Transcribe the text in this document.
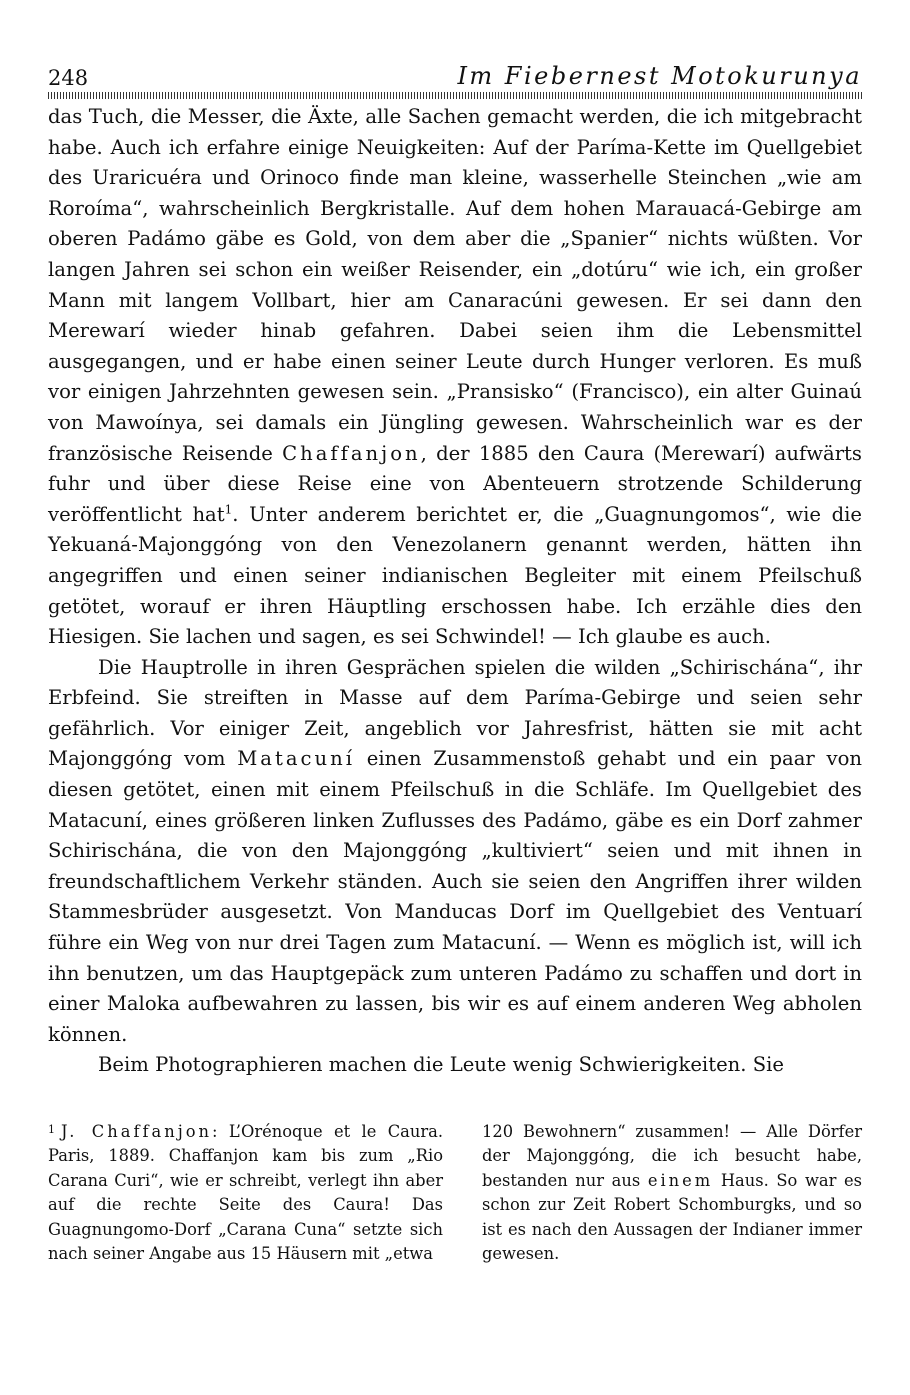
248	Im Fiebernest Motokurunya

das Tuch, die Messer, die Äxte, alle Sachen gemacht werden, die ich mitgebracht habe. Auch ich erfahre einige Neuigkeiten: Auf der Paríma-Kette im Quellgebiet des Uraricuéra und Orinoco finde man kleine, wasserhelle Steinchen „wie am Roroíma“, wahrscheinlich Bergkristalle. Auf dem hohen Marauacá-Gebirge am oberen Padámo gäbe es Gold, von dem aber die „Spanier“ nichts wüßten. Vor langen Jahren sei schon ein weißer Reisender, ein „dotúru“ wie ich, ein großer Mann mit langem Vollbart, hier am Canaracúni gewesen. Er sei dann den Merewarí wieder hinab gefahren. Dabei seien ihm die Lebensmittel ausgegangen, und er habe einen seiner Leute durch Hunger verloren. Es muß vor einigen Jahrzehnten gewesen sein. „Pransisko“ (Francisco), ein alter Guinaú von Mawoínya, sei damals ein Jüngling gewesen. Wahrscheinlich war es der französische Reisende Chaffanjon, der 1885 den Caura (Merewarí) aufwärts fuhr und über diese Reise eine von Abenteuern strotzende Schilderung veröffentlicht hat$^1$. Unter anderem berichtet er, die „Guagnungomos“, wie die Yekuaná-Majonggóng von den Venezolanern genannt werden, hätten ihn angegriffen und einen seiner indianischen Begleiter mit einem Pfeilschuß getötet, worauf er ihren Häuptling erschossen habe. Ich erzähle dies den Hiesigen. Sie lachen und sagen, es sei Schwindel! — Ich glaube es auch.

Die Hauptrolle in ihren Gesprächen spielen die wilden „Schirischána“, ihr Erbfeind. Sie streiften in Masse auf dem Paríma-Gebirge und seien sehr gefährlich. Vor einiger Zeit, angeblich vor Jahresfrist, hätten sie mit acht Majonggóng vom Matacuní einen Zusammenstoß gehabt und ein paar von diesen getötet, einen mit einem Pfeilschuß in die Schläfe. Im Quellgebiet des Matacuní, eines größeren linken Zuflusses des Padámo, gäbe es ein Dorf zahmer Schirischána, die von den Majonggóng „kultiviert“ seien und mit ihnen in freundschaftlichem Verkehr ständen. Auch sie seien den Angriffen ihrer wilden Stammesbrüder ausgesetzt. Von Manducas Dorf im Quellgebiet des Ventuarí führe ein Weg von nur drei Tagen zum Matacuní. — Wenn es möglich ist, will ich ihn benutzen, um das Hauptgepäck zum unteren Padámo zu schaffen und dort in einer Maloka aufbewahren zu lassen, bis wir es auf einem anderen Weg abholen können.

Beim Photographieren machen die Leute wenig Schwierigkeiten. Sie

$^1$ J. Chaffanjon: L’Orénoque et le Caura. Paris, 1889. Chaffanjon kam bis zum „Rio Carana Curi“, wie er schreibt, verlegt ihn aber auf die rechte Seite des Caura! Das Guagnungomo-Dorf „Carana Cuna“ setzte sich nach seiner Angabe aus 15 Häusern mit „etwa
120 Bewohnern“ zusammen! — Alle Dörfer der Majonggóng, die ich besucht habe, bestanden nur aus einem Haus. So war es schon zur Zeit Robert Schomburgks, und so ist es nach den Aussagen der Indianer immer gewesen.
